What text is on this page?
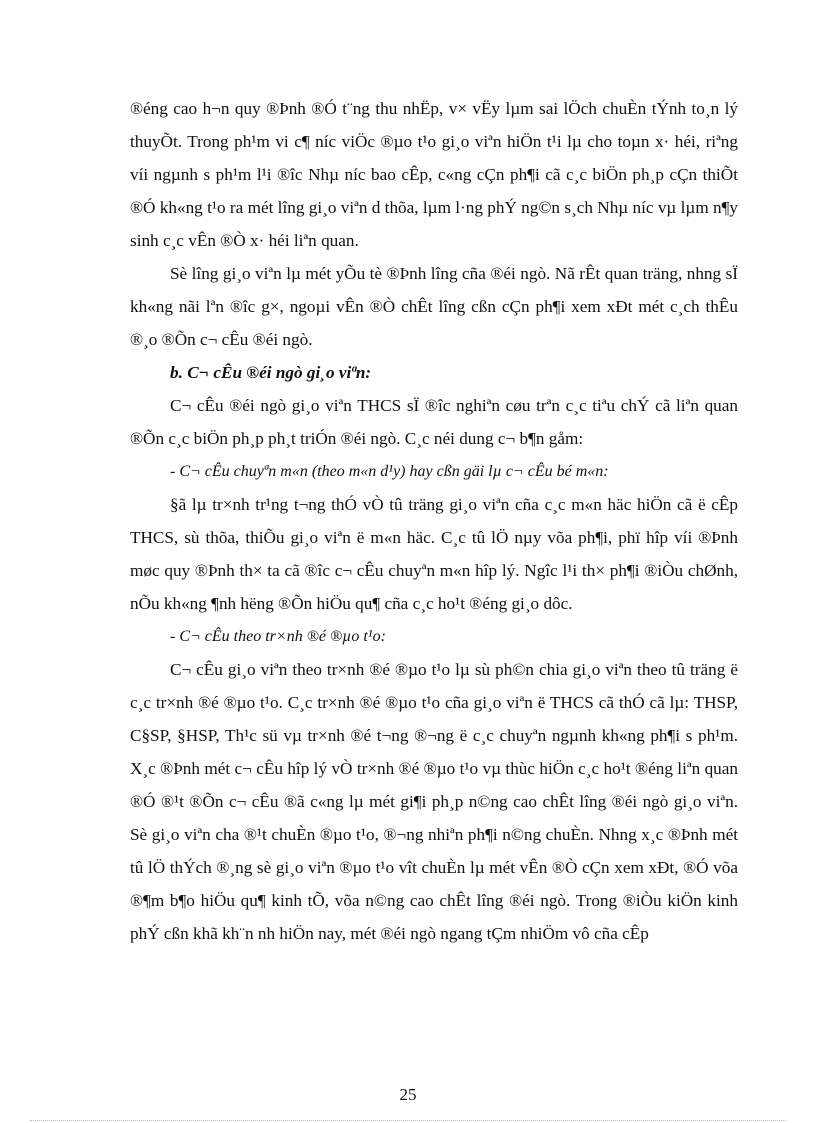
®éng cao h¬n quy ®Þnh ®Ó t¨ng thu nhËp, v× vËy lµm sai lÖch chuÈn tÝnh to¸n lý thuyÕt. Trong ph¹m vi c¶ níc viÖc ®µo t¹o gi¸o viªn hiÖn t¹i lµ cho toµn x· héi, riªng víi ngµnh s ph¹m l¹i ®îc Nhµ níc bao cÊp, c«ng cÇn ph¶i cã c¸c biÖn ph¸p cÇn thiÕt ®Ó kh«ng t¹o ra mét lîng gi¸o viªn d thõa, lµm l·ng phÝ ng©n s¸ch Nhµ níc vµ lµm n¶y sinh c¸c vÊn ®Ò x· héi liªn quan.

Sè lîng gi¸o viªn lµ mét yÕu tè ®Þnh lîng cña ®éi ngò. Nã rÊt quan träng, nhng sÏ kh«ng nãi lªn ®îc g×, ngoµi vÊn ®Ò chÊt lîng cßn cÇn ph¶i xem xÐt mét c¸ch thÊu ®¸o ®Õn c¬ cÊu ®éi ngò.

b. C¬ cÊu ®éi ngò gi¸o viªn:

C¬ cÊu ®éi ngò gi¸o viªn THCS sÏ ®îc nghiªn cøu trªn c¸c tiªu chÝ cã liªn quan ®Õn c¸c biÖn ph¸p ph¸t triÓn ®éi ngò. C¸c néi dung c¬ b¶n gåm:

- C¬ cÊu chuyªn m«n (theo m«n d¹y) hay cßn gäi lµ c¬ cÊu bé m«n:

§ã lµ tr×nh tr¹ng t¬ng thÓ vÒ tû träng gi¸o viªn cña c¸c m«n häc hiÖn cã ë cÊp THCS, sù thõa, thiÕu gi¸o viªn ë m«n häc. C¸c tû lÖ nµy võa ph¶i, phï hîp víi ®Þnh møc quy ®Þnh th× ta cã ®îc c¬ cÊu chuyªn m«n hîp lý. Ngîc l¹i th× ph¶i ®iÒu chØnh, nÕu kh«ng ¶nh hëng ®Õn hiÖu qu¶ cña c¸c ho¹t ®éng gi¸o dôc.

- C¬ cÊu theo tr×nh ®é ®µo t¹o:

C¬ cÊu gi¸o viªn theo tr×nh ®é ®µo t¹o lµ sù ph©n chia gi¸o viªn theo tû träng ë c¸c tr×nh ®é ®µo t¹o. C¸c tr×nh ®é ®µo t¹o cña gi¸o viªn ë THCS cã thÓ cã lµ: THSP, C§SP, §HSP, Th¹c sü vµ tr×nh ®é t¬ng ®¬ng ë c¸c chuyªn ngµnh kh«ng ph¶i s ph¹m. X¸c ®Þnh mét c¬ cÊu hîp lý vÒ tr×nh ®é ®µo t¹o vµ thùc hiÖn c¸c ho¹t ®éng liªn quan ®Ó ®¹t ®Õn c¬ cÊu ®ã c«ng lµ mét gi¶i ph¸p n©ng cao chÊt lîng ®éi ngò gi¸o viªn. Sè gi¸o viªn cha ®¹t chuÈn ®µo t¹o, ®¬ng nhiªn ph¶i n©ng chuÈn. Nhng x¸c ®Þnh mét tû lÖ thÝch ®¸ng sè gi¸o viªn ®µo t¹o vît chuÈn lµ mét vÊn ®Ò cÇn xem xÐt, ®Ó võa ®¶m b¶o hiÖu qu¶ kinh tÕ, võa n©ng cao chÊt lîng ®éi ngò. Trong ®iÒu kiÖn kinh phÝ cßn khã kh¨n nh hiÖn nay, mét ®éi ngò ngang tÇm nhiÖm vô cña cÊp

25
